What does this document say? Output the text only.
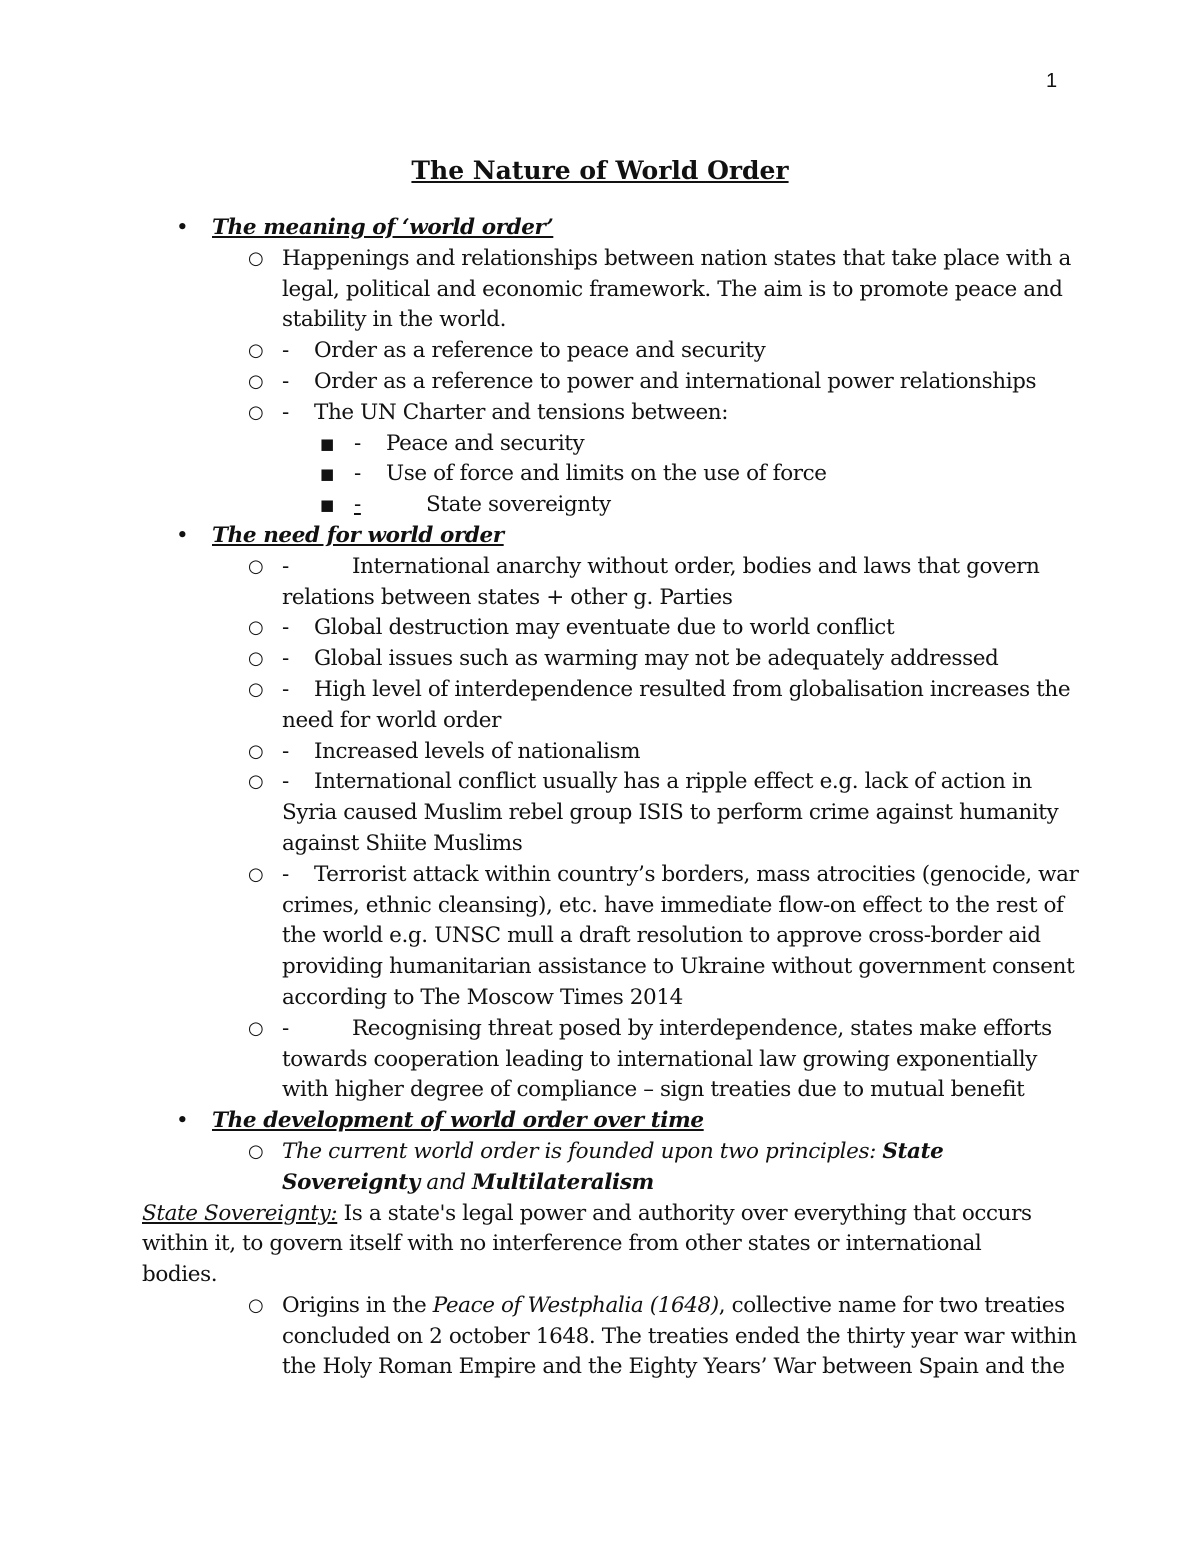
1
The Nature of World Order
• The meaning of ‘world order’
○ Happenings and relationships between nation states that take place with a legal, political and economic framework. The aim is to promote peace and stability in the world.
○ - Order as a reference to peace and security
○ - Order as a reference to power and international power relationships
○ - The UN Charter and tensions between:
■ - Peace and security
■ - Use of force and limits on the use of force
■ -	State sovereignty
• The need for world order
○ -	International anarchy without order, bodies and laws that govern relations between states + other g. Parties
○ - Global destruction may eventuate due to world conflict
○ - Global issues such as warming may not be adequately addressed
○ - High level of interdependence resulted from globalisation increases the need for world order
○ - Increased levels of nationalism
○ - International conflict usually has a ripple effect e.g. lack of action in Syria caused Muslim rebel group ISIS to perform crime against humanity against Shiite Muslims
○ - Terrorist attack within country’s borders, mass atrocities (genocide, war crimes, ethnic cleansing), etc. have immediate flow-on effect to the rest of the world e.g. UNSC mull a draft resolution to approve cross-border aid providing humanitarian assistance to Ukraine without government consent according to The Moscow Times 2014
○ -	Recognising threat posed by interdependence, states make efforts towards cooperation leading to international law growing exponentially with higher degree of compliance – sign treaties due to mutual benefit
• The development of world order over time
○ The current world order is founded upon two principles: State Sovereignty and Multilateralism
State Sovereignty: Is a state's legal power and authority over everything that occurs within it, to govern itself with no interference from other states or international bodies.
○ Origins in the Peace of Westphalia (1648), collective name for two treaties concluded on 2 october 1648. The treaties ended the thirty year war within the Holy Roman Empire and the Eighty Years’ War between Spain and the
